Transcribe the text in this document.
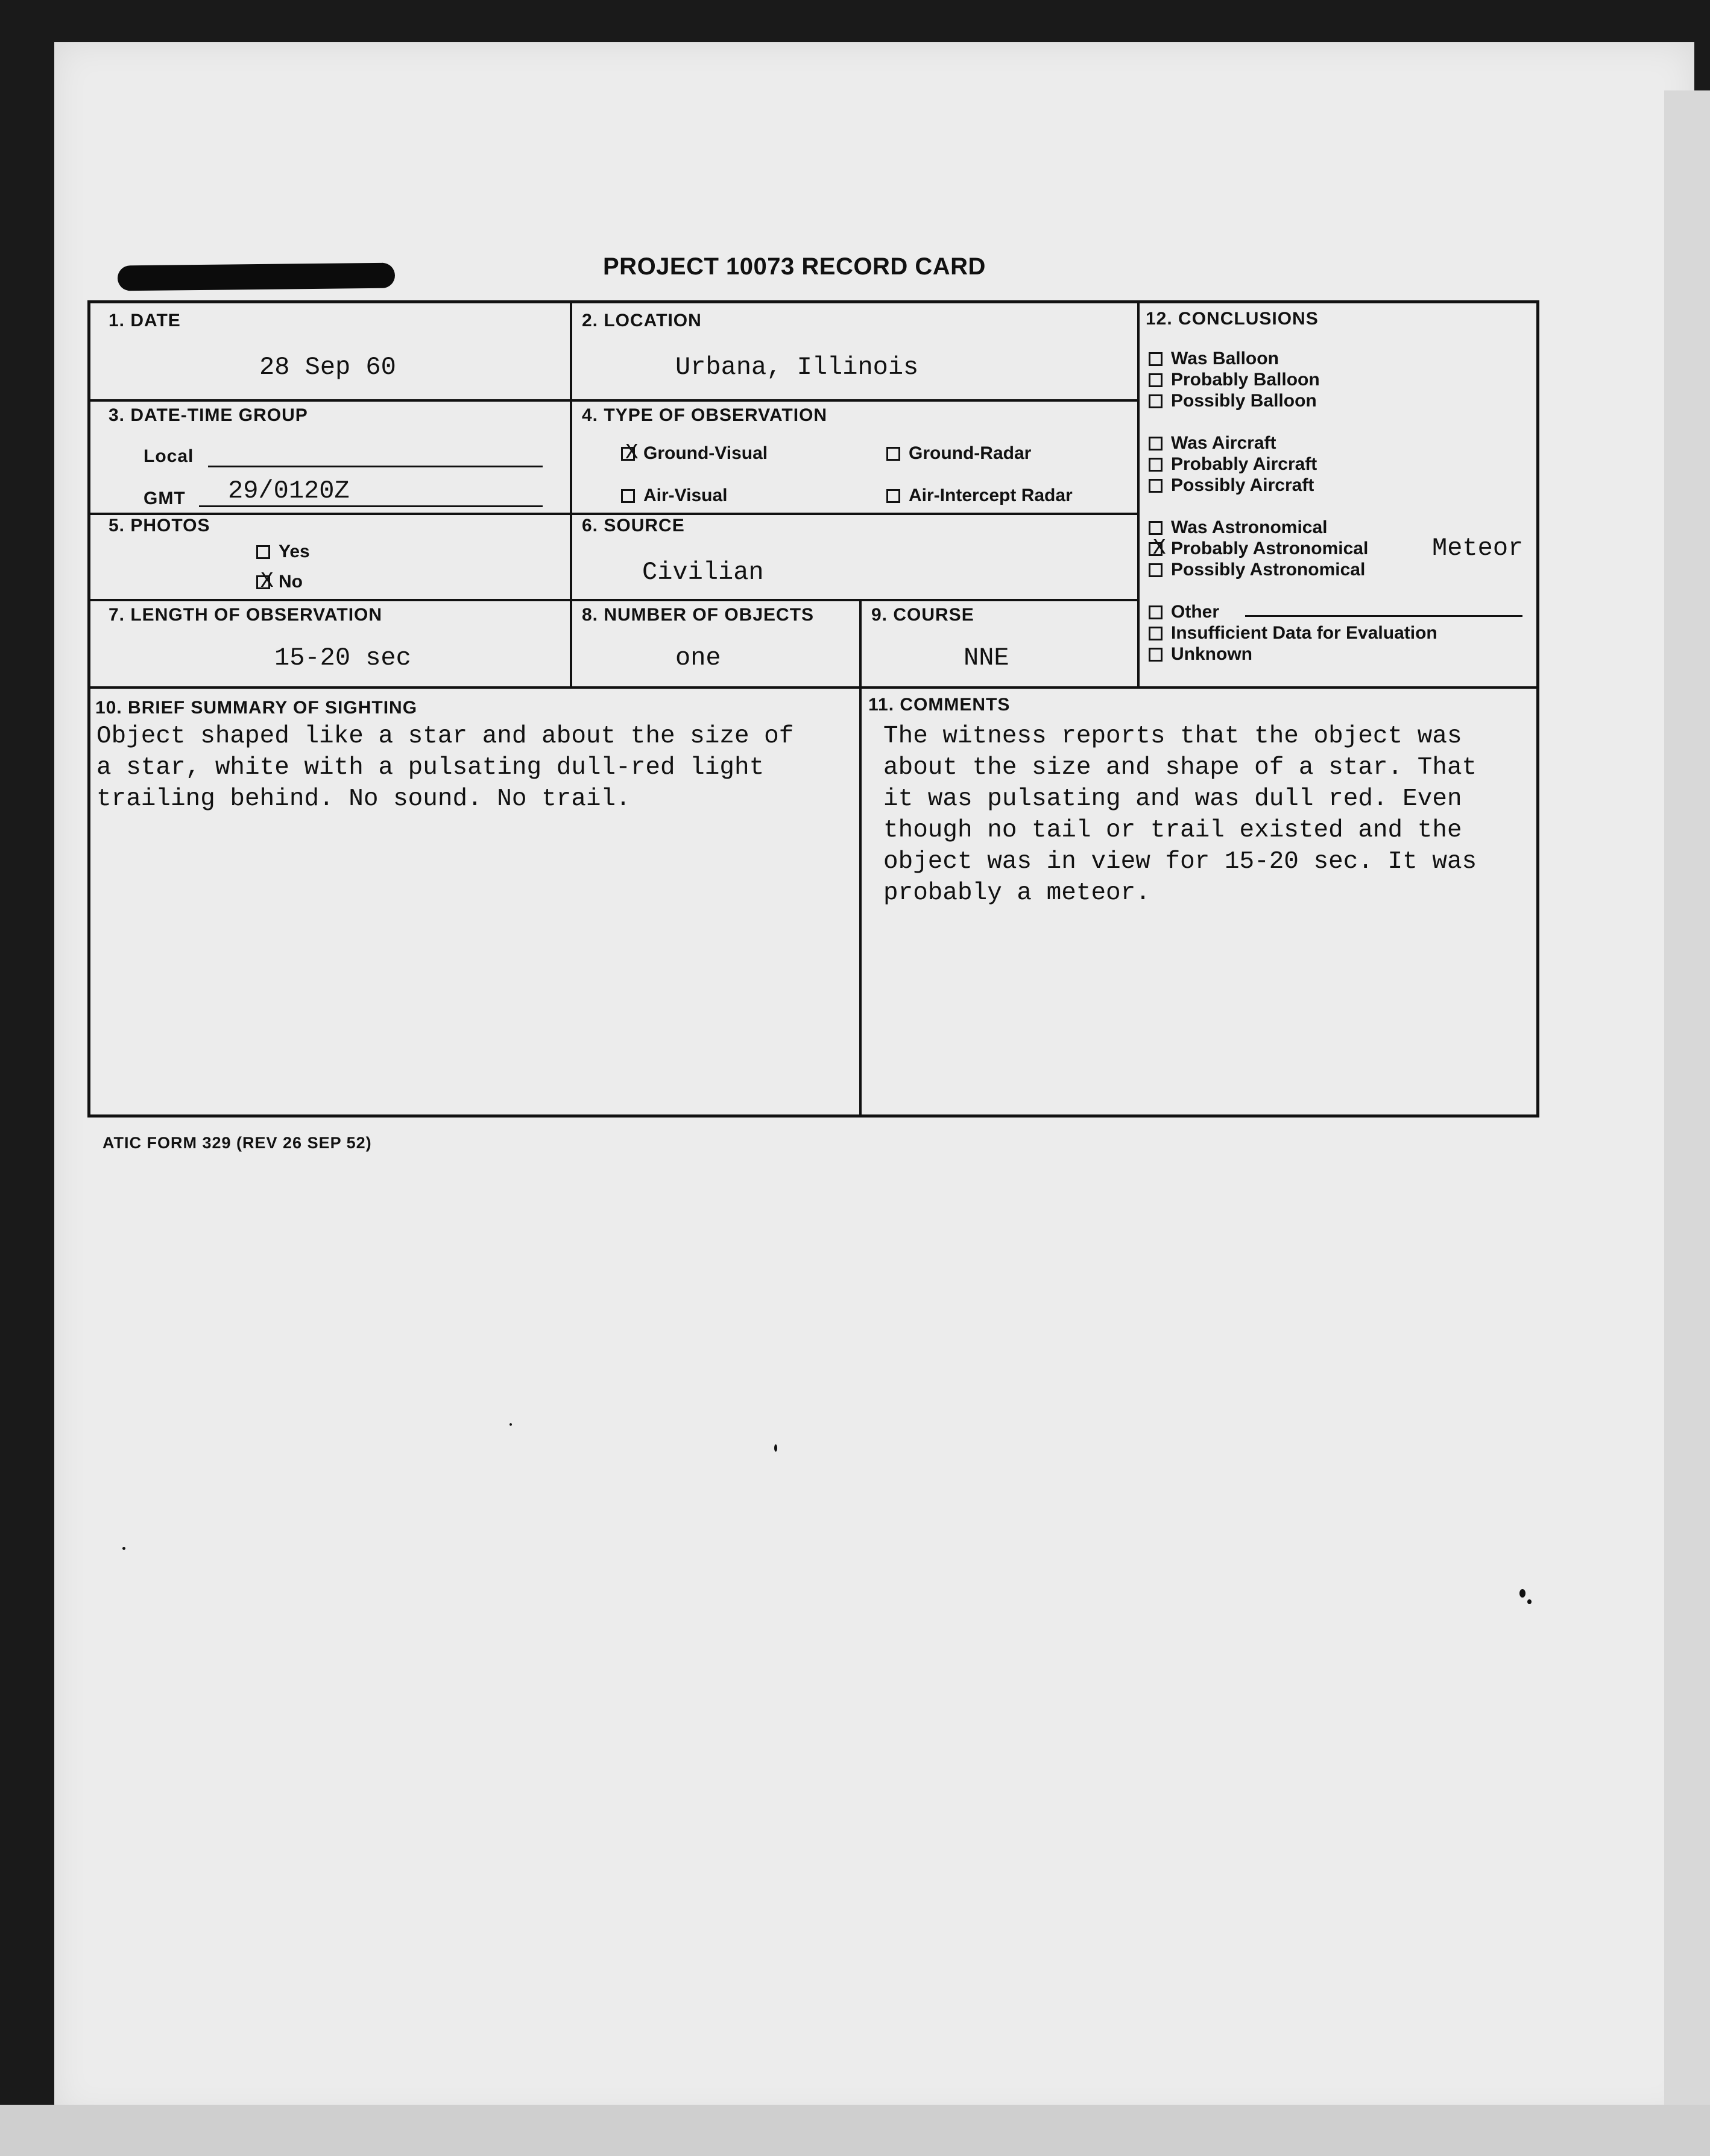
PROJECT 10073 RECORD CARD
1. DATE
28 Sep 60
2. LOCATION
Urbana, Illinois
3. DATE-TIME GROUP
Local
GMT 29/0120Z
4. TYPE OF OBSERVATION
X
Ground-Visual	Ground-Radar
Air-Visual	Air-Intercept Radar
5. PHOTOS
Yes
X
No
6. SOURCE
Civilian
7. LENGTH OF OBSERVATION
15-20 sec
8. NUMBER OF OBJECTS
one
9. COURSE
NNE
12. CONCLUSIONS
Was Balloon
Probably Balloon
Possibly Balloon
Was Aircraft
Probably Aircraft
Possibly Aircraft
Was Astronomical
X
Probably Astronomical
Possibly Astronomical
Other
Insufficient Data for Evaluation
Unknown
Meteor
10. BRIEF SUMMARY OF SIGHTING
Object shaped like a star and about the size of
a star, white with a pulsating dull-red light
trailing behind. No sound. No trail.
11. COMMENTS
The witness reports that the object was
about the size and shape of a star. That
it was pulsating and was dull red. Even
though no tail or trail existed and the
object was in view for 15-20 sec. It was
probably a meteor.
ATIC FORM 329 (REV 26 SEP 52)
